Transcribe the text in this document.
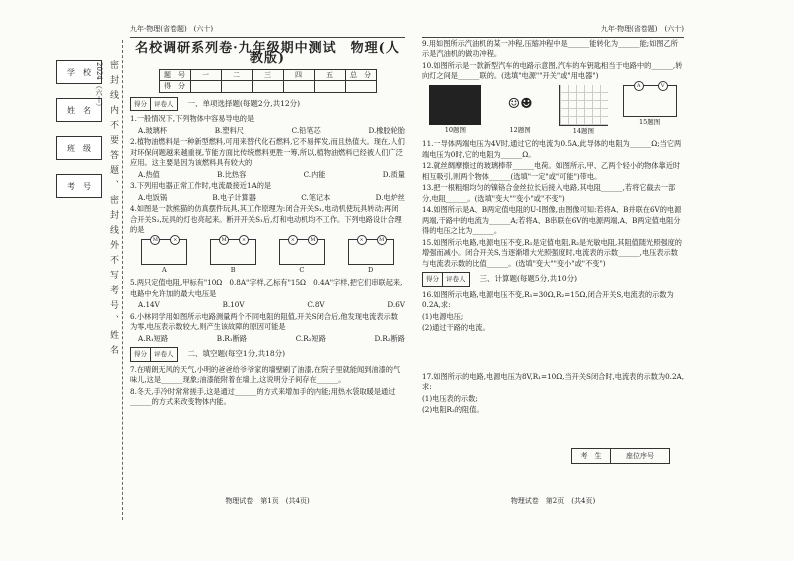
学　校
姓　名
班　级
考　号
2024 （六十） 密封线内不要答题、密封线外不写考号、姓名
九年·物理(省卷题)　(六十)
名校调研系列卷·九年级期中测试　物理(人教版)
题　号	一	二	三	四	五	总　分
得　分						
得分	评卷人	一、单项选择题(每题2分,共12分)
1.一般情况下,下列物体中容易导电的是
A.玻璃杯	B.塑料尺	C.铅笔芯	D.橡胶轮胎
2.植物油燃料是一种新型燃料,可用来替代化石燃料,它不易挥发,而且热值大。现在,人们对环保问题越来越重视,节能方面比传统燃料更胜一筹,所以,植物油燃料已经被人们广泛应用。这主要是因为该燃料具有较大的
A.热值	B.比热容	C.内能	D.质量
3.下列用电器正常工作时,电流最接近1A的是
A.电饭锅	B.电子计算器	C.笔记本	D.电炉丝
4.如图是一款熊猫的仿真摆件玩具,其工作原理为:闭合开关S₁,电动机使玩具转动;再闭合开关S₂,玩具的灯也亮起来。断开开关S₁后,灯和电动机均不工作。下列电路设计合理的是
M	×
A	M	×
B	×	M
C	×	M
D
5.两只定值电阻,甲标有"10Ω　0.8A"字样,乙标有"15Ω　0.4A"字样,把它们串联起来,电路中允许加的最大电压是
A.14V	B.10V	C.8V	D.6V
6.小林同学用如图所示电路测量两个不同电阻的阻值,开关S闭合后,他发现电流表示数为零,电压表示数较大,则产生该故障的原因可能是
A.R₁短路	B.R₁断路	C.R₂短路	D.R₂断路
得分	评卷人	二、填空题(每空1分,共18分)
7.在晴朗无风的天气,小明的爸爸给爷爷家的墙壁刷了油漆,在院子里就能闻到油漆的气味儿,这是______现象;油漆能附着在墙上,这说明分子间存在______。
8.冬天,手冷时常常搓手,这是通过______的方式来增加手的内能;用热水袋取暖是通过______的方式来改变物体内能。
物理试卷　第1页　(共4页)
九年·物理(省卷题)　(六十)
9.用如图所示汽油机的某一冲程,压缩冲程中是______能转化为______能;如图乙所示是汽油机的做功冲程。
10.如图所示是一款新型汽车的电路示意图,汽车的车钥匙相当于电路中的______,转向灯之间是______联的。(选填"电源""开关"或"用电器")
10题图
☺☻
12题图	14题图
A	V
15题图
11.一导体两端电压为4V时,通过它的电流为0.5A,此导体的电阻为______Ω;当它两端电压为0时,它的电阻为______Ω。
12.就丝绸摩擦过的玻璃棒带______电荷。如图所示,甲、乙两个轻小的物体靠近时相互吸引,则两个物体______(选填"一定"或"可能")带电。
13.把一根粗细均匀的镍铬合金丝拉长后接入电路,其电阻______,若将它截去一部分,电阻______。(选填"变大""变小"或"不变")
14.如图所示是A、B两定值电阻的U-I图像,由图像可知:若将A、B并联在6V的电源两端,干路中的电流为______A;若将A、B串联在6V的电源两端,A、B两定值电阻分得的电压之比为______。
15.如图所示电路,电源电压不变,R₁是定值电阻,R₂是光敏电阻,其阻值随光照强度的增强而减小。闭合开关S,当逐渐增大光照强度时,电流表的示数______,电压表示数与电流表示数的比值______。(选填"变大""变小"或"不变")
得分	评卷人	三、计算题(每题5分,共10分)
16.如图所示电路,电源电压不变,R₁=30Ω,R₂=15Ω,闭合开关S,电流表的示数为0.2A,求:
(1)电源电压;
(2)通过干路的电流。
17.如图所示的电路,电源电压为8V,R₁=10Ω,当开关S闭合时,电流表的示数为0.2A,求:
(1)电压表的示数;
(2)电阻R₂的阻值。
考　生	座位序号
物理试卷　第2页　(共4页)
